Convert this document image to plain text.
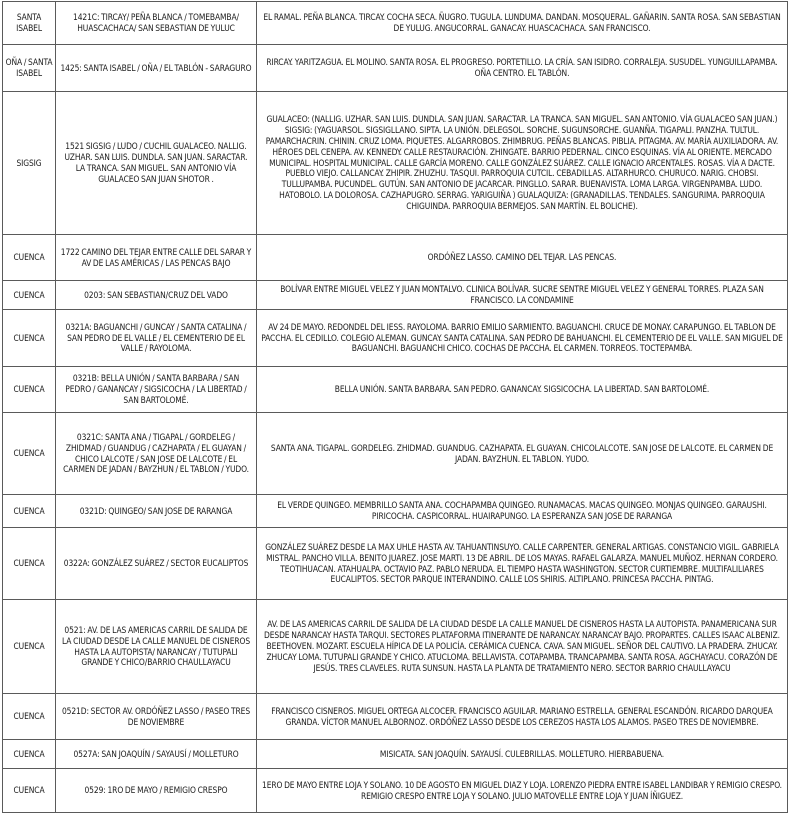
SANTA ISABEL	1421C: TIRCAY/ PEÑA BLANCA / TOMEBAMBA/ HUASCACHACA/ SAN SEBASTIAN DE YULUC	EL RAMAL. PEÑA BLANCA. TIRCAY. COCHA SECA. ÑUGRO. TUGULA. LUNDUMA. DANDAN. MOSQUERAL. GAÑARIN. SANTA ROSA. SAN SEBASTIAN DE YULUG. ANGUCORRAL. GANACAY. HUASCACHACA. SAN FRANCISCO.
OÑA / SANTA ISABEL	1425: SANTA ISABEL / OÑA / EL TABLÓN - SARAGURO	RIRCAY. YARITZAGUA. EL MOLINO. SANTA ROSA. EL PROGRESO. PORTETILLO. LA CRÍA. SAN ISIDRO. CORRALEJA. SUSUDEL. YUNGUILLAPAMBA. OÑA CENTRO. EL TABLÓN.
SIGSIG	1521 SIGSIG / LUDO / CUCHIL GUALACEO. NALLIG. UZHAR. SAN LUIS. DUNDLA. SAN JUAN. SARACTAR. LA TRANCA. SAN MIGUEL. SAN ANTONIO VÍA GUALACEO SAN JUAN SHOTOR .	GUALACEO: (NALLIG. UZHAR. SAN LUIS. DUNDLA. SAN JUAN. SARACTAR. LA TRANCA. SAN MIGUEL. SAN ANTONIO. VÍA GUALACEO SAN JUAN.) SIGSIG: (YAGUARSOL. SIGSIGLLANO. SIPTA. LA UNIÓN. DELEGSOL. SORCHE. SUGUNSORCHE. GUANÑA. TIGAPALI. PANZHA. TULTUL. PAMARCHACRIN. CHININ. CRUZ LOMA. PIQUETES. ALGARROBOS. ZHIMBRUG. PEÑAS BLANCAS. PIBLIA. PITAGMA. AV. MARÍA AUXILIADORA. AV. HÉROES DEL CENEPA. AV. KENNEDY. CALLE RESTAURACIÓN. ZHINGATE. BARRIO PEDERNAL. CINCO ESQUINAS. VÍA AL ORIENTE. MERCADO MUNICIPAL. HOSPITAL MUNICIPAL. CALLE GARCÍA MORENO. CALLE GONZÁLEZ SUÁREZ. CALLE IGNACIO ARCENTALES. ROSAS. VÍA A DACTE. PUEBLO VIEJO. CALLANCAY. ZHIPIR. ZHUZHU. TASQUI. PARROQUIA CUTCIL. CEBADILLAS. ALTARHURCO. CHURUCO. NARIG. CHOBSI. TULLUPAMBA. PUCUNDEL. GUTÚN. SAN ANTONIO DE JACARCAR. PINGLLO. SARAR. BUENAVISTA. LOMA LARGA. VIRGENPAMBA. LUDO. HATOBOLO. LA DOLOROSA. CAZHAPUGRO. SERRAG. YARIGUIÑA ) GUALAQUIZA: (GRANADILLAS. TENDALES. SANGURIMA. PARROQUIA CHIGUINDA. PARROQUIA BERMEJOS. SAN MARTÍN. EL BOLICHE).
CUENCA	1722 CAMINO DEL TEJAR ENTRE CALLE DEL SARAR Y AV DE LAS AMÉRICAS / LAS PENCAS BAJO	ORDÓÑEZ LASSO. CAMINO DEL TEJAR. LAS PENCAS.
CUENCA	0203: SAN SEBASTIAN/CRUZ DEL VADO	BOLÍVAR ENTRE MIGUEL VELEZ Y JUAN MONTALVO. CLINICA BOLÍVAR. SUCRE SENTRE MIGUEL VELEZ Y GENERAL TORRES. PLAZA SAN FRANCISCO. LA CONDAMINE
CUENCA	0321A: BAGUANCHI / GUNCAY / SANTA CATALINA / SAN PEDRO DE EL VALLE / EL CEMENTERIO DE EL VALLE / RAYOLOMA.	AV 24 DE MAYO. REDONDEL DEL IESS. RAYOLOMA. BARRIO EMILIO SARMIENTO. BAGUANCHI. CRUCE DE MONAY. CARAPUNGO. EL TABLON DE PACCHA. EL CEDILLO. COLEGIO ALEMAN. GUNCAY. SANTA CATALINA. SAN PEDRO DE BAHUANCHI. EL CEMENTERIO DE EL VALLE. SAN MIGUEL DE BAGUANCHI. BAGUANCHI CHICO. COCHAS DE PACCHA. EL CARMEN. TORREOS. TOCTEPAMBA.
CUENCA	0321B: BELLA UNIÓN / SANTA BARBARA / SAN PEDRO / GANANCAY / SIGSICOCHA / LA LIBERTAD / SAN BARTOLOMÉ.	BELLA UNIÓN. SANTA BARBARA. SAN PEDRO. GANANCAY. SIGSICOCHA. LA LIBERTAD. SAN BARTOLOMÉ.
CUENCA	0321C: SANTA ANA / TIGAPAL / GORDELEG / ZHIDMAD / GUANDUG / CAZHAPATA / EL GUAYAN / CHICO LALCOTE / SAN JOSE DE LALCOTE / EL CARMEN DE JADAN / BAYZHUN / EL TABLON / YUDO.	SANTA ANA. TIGAPAL. GORDELEG. ZHIDMAD. GUANDUG. CAZHAPATA. EL GUAYAN. CHICOLALCOTE. SAN JOSE DE LALCOTE. EL CARMEN DE JADAN. BAYZHUN. EL TABLON. YUDO.
CUENCA	0321D: QUINGEO/ SAN JOSE DE RARANGA	EL VERDE QUINGEO. MEMBRILLO SANTA ANA. COCHAPAMBA QUINGEO. RUNAMACAS. MACAS QUINGEO. MONJAS QUINGEO. GARAUSHI. PIRICOCHA. CASPICORRAL. HUAIRAPUNGO. LA ESPERANZA SAN JOSE DE RARANGA
CUENCA	0322A: GONZÁLEZ SUÁREZ / SECTOR EUCALIPTOS	GONZÁLEZ SUÁREZ DESDE LA MAX UHLE HASTA AV. TAHUANTINSUYO. CALLE CARPENTER. GENERAL ARTIGAS. CONSTANCIO VIGIL. GABRIELA MISTRAL. PANCHO VILLA. BENITO JUAREZ. JOSE MARTI. 13 DE ABRIL. DE LOS MAYAS. RAFAEL GALARZA. MANUEL MUÑOZ. HERNAN CORDERO. TEOTIHUACAN. ATAHUALPA. OCTAVIO PAZ. PABLO NERUDA. EL TIEMPO HASTA WASHINGTON. SECTOR CURTIEMBRE. MULTIFALILIARES EUCALIPTOS. SECTOR PARQUE INTERANDINO. CALLE LOS SHIRIS. ALTIPLANO. PRINCESA PACCHA. PINTAG.
CUENCA	0521: AV. DE LAS AMERICAS CARRIL DE SALIDA DE LA CIUDAD DESDE LA CALLE MANUEL DE CISNEROS HASTA LA AUTOPISTA/ NARANCAY / TUTUPALI GRANDE Y CHICO/BARRIO CHAULLAYACU	AV. DE LAS AMERICAS CARRIL DE SALIDA DE LA CIUDAD DESDE LA CALLE MANUEL DE CISNEROS HASTA LA AUTOPISTA. PANAMERICANA SUR DESDE NARANCAY HASTA TARQUI. SECTORES PLATAFORMA ITINERANTE DE NARANCAY. NARANCAY BAJO. PROPARTES. CALLES ISAAC ALBENIZ. BEETHOVEN. MOZART. ESCUELA HÍPICA DE LA POLICÍA. CERÁMICA CUENCA. CAVA. SAN MIGUEL. SEÑOR DEL CAUTIVO. LA PRADERA. ZHUCAY. ZHUCAY LOMA. TUTUPALI GRANDE Y CHICO. ATUCLOMA. BELLAVISTA. COTAPAMBA. TRANCAPAMBA. SANTA ROSA. AGCHAYACU. CORAZÓN DE JESÚS. TRES CLAVELES. RUTA SUNSUN. HASTA LA PLANTA DE TRATAMIENTO NERO. SECTOR BARRIO CHAULLAYACU
CUENCA	0521D: SECTOR AV. ORDÓÑEZ LASSO / PASEO TRES DE NOVIEMBRE	FRANCISCO CISNEROS. MIGUEL ORTEGA ALCOCER. FRANCISCO AGUILAR. MARIANO ESTRELLA. GENERAL ESCANDÓN. RICARDO DARQUEA GRANDA. VÍCTOR MANUEL ALBORNOZ. ORDÓÑEZ LASSO DESDE LOS CEREZOS HASTA LOS ALAMOS. PASEO TRES DE NOVIEMBRE.
CUENCA	0527A: SAN JOAQUÍN / SAYAUSÍ / MOLLETURO	MISICATA. SAN JOAQUÍN. SAYAUSÍ. CULEBRILLAS. MOLLETURO. HIERBABUENA.
CUENCA	0529: 1RO DE MAYO / REMIGIO CRESPO	1ERO DE MAYO ENTRE LOJA Y SOLANO. 10 DE AGOSTO EN MIGUEL DIAZ Y LOJA. LORENZO PIEDRA ENTRE ISABEL LANDIBAR Y REMIGIO CRESPO. REMIGIO CRESPO ENTRE LOJA Y SOLANO. JULIO MATOVELLE ENTRE LOJA Y JUAN ÍÑIGUEZ.
